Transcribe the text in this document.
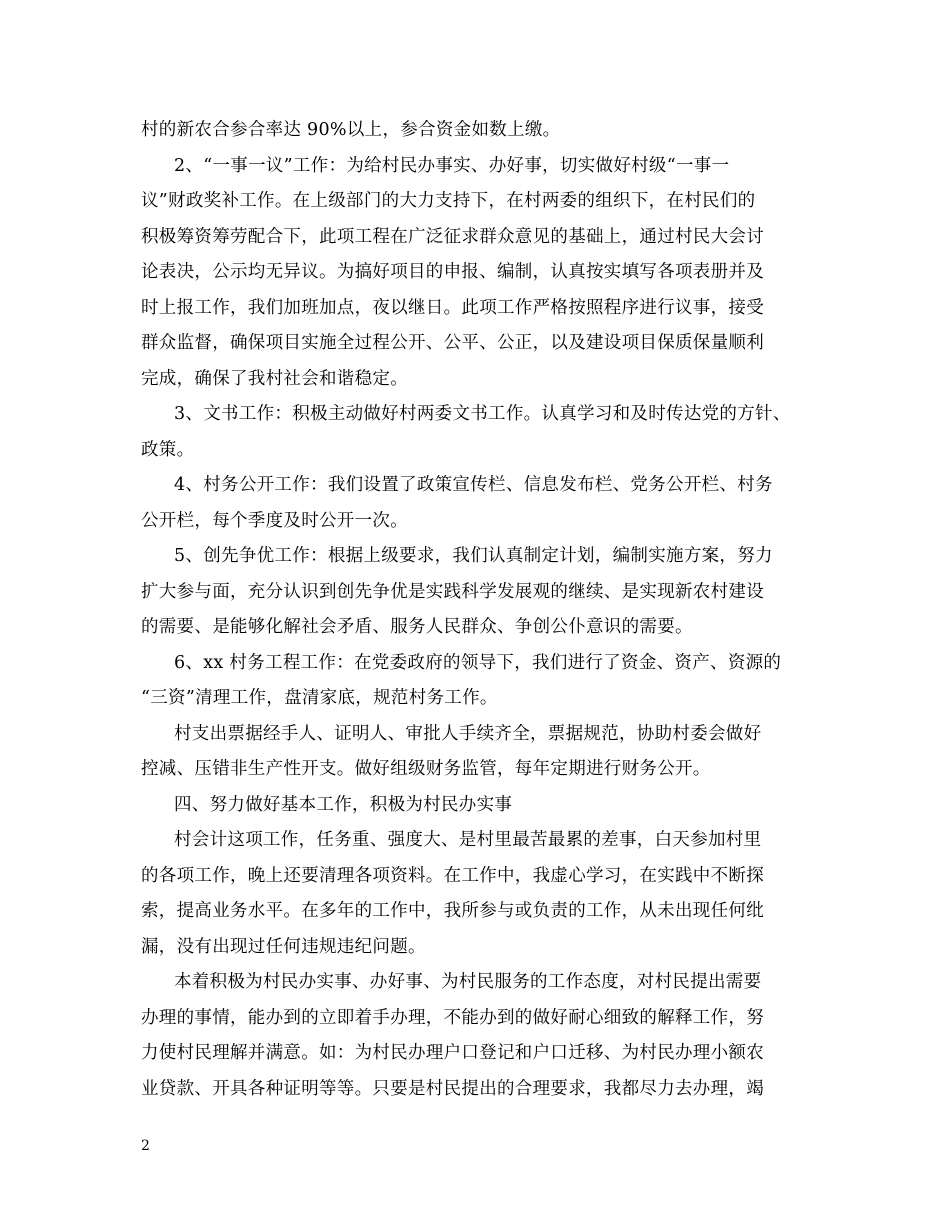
村的新农合参合率达 90%以上，参合资金如数上缴。
2、“一事一议”工作：为给村民办事实、办好事，切实做好村级“一事一
议”财政奖补工作。在上级部门的大力支持下，在村两委的组织下，在村民们的
积极筹资筹劳配合下，此项工程在广泛征求群众意见的基础上，通过村民大会讨
论表决，公示均无异议。为搞好项目的申报、编制，认真按实填写各项表册并及
时上报工作，我们加班加点，夜以继日。此项工作严格按照程序进行议事，接受
群众监督，确保项目实施全过程公开、公平、公正，以及建设项目保质保量顺利
完成，确保了我村社会和谐稳定。
3、文书工作：积极主动做好村两委文书工作。认真学习和及时传达党的方针、
政策。
4、村务公开工作：我们设置了政策宣传栏、信息发布栏、党务公开栏、村务
公开栏，每个季度及时公开一次。
5、创先争优工作：根据上级要求，我们认真制定计划，编制实施方案，努力
扩大参与面，充分认识到创先争优是实践科学发展观的继续、是实现新农村建设
的需要、是能够化解社会矛盾、服务人民群众、争创公仆意识的需要。
6、xx 村务工程工作：在党委政府的领导下，我们进行了资金、资产、资源的
“三资”清理工作，盘清家底，规范村务工作。
村支出票据经手人、证明人、审批人手续齐全，票据规范，协助村委会做好
控减、压错非生产性开支。做好组级财务监管，每年定期进行财务公开。
四、努力做好基本工作，积极为村民办实事
村会计这项工作，任务重、强度大、是村里最苦最累的差事，白天参加村里
的各项工作，晚上还要清理各项资料。在工作中，我虚心学习，在实践中不断探
索，提高业务水平。在多年的工作中，我所参与或负责的工作，从未出现任何纰
漏，没有出现过任何违规违纪问题。
本着积极为村民办实事、办好事、为村民服务的工作态度，对村民提出需要
办理的事情，能办到的立即着手办理，不能办到的做好耐心细致的解释工作，努
力使村民理解并满意。如：为村民办理户口登记和户口迁移、为村民办理小额农
业贷款、开具各种证明等等。只要是村民提出的合理要求，我都尽力去办理，竭
2
